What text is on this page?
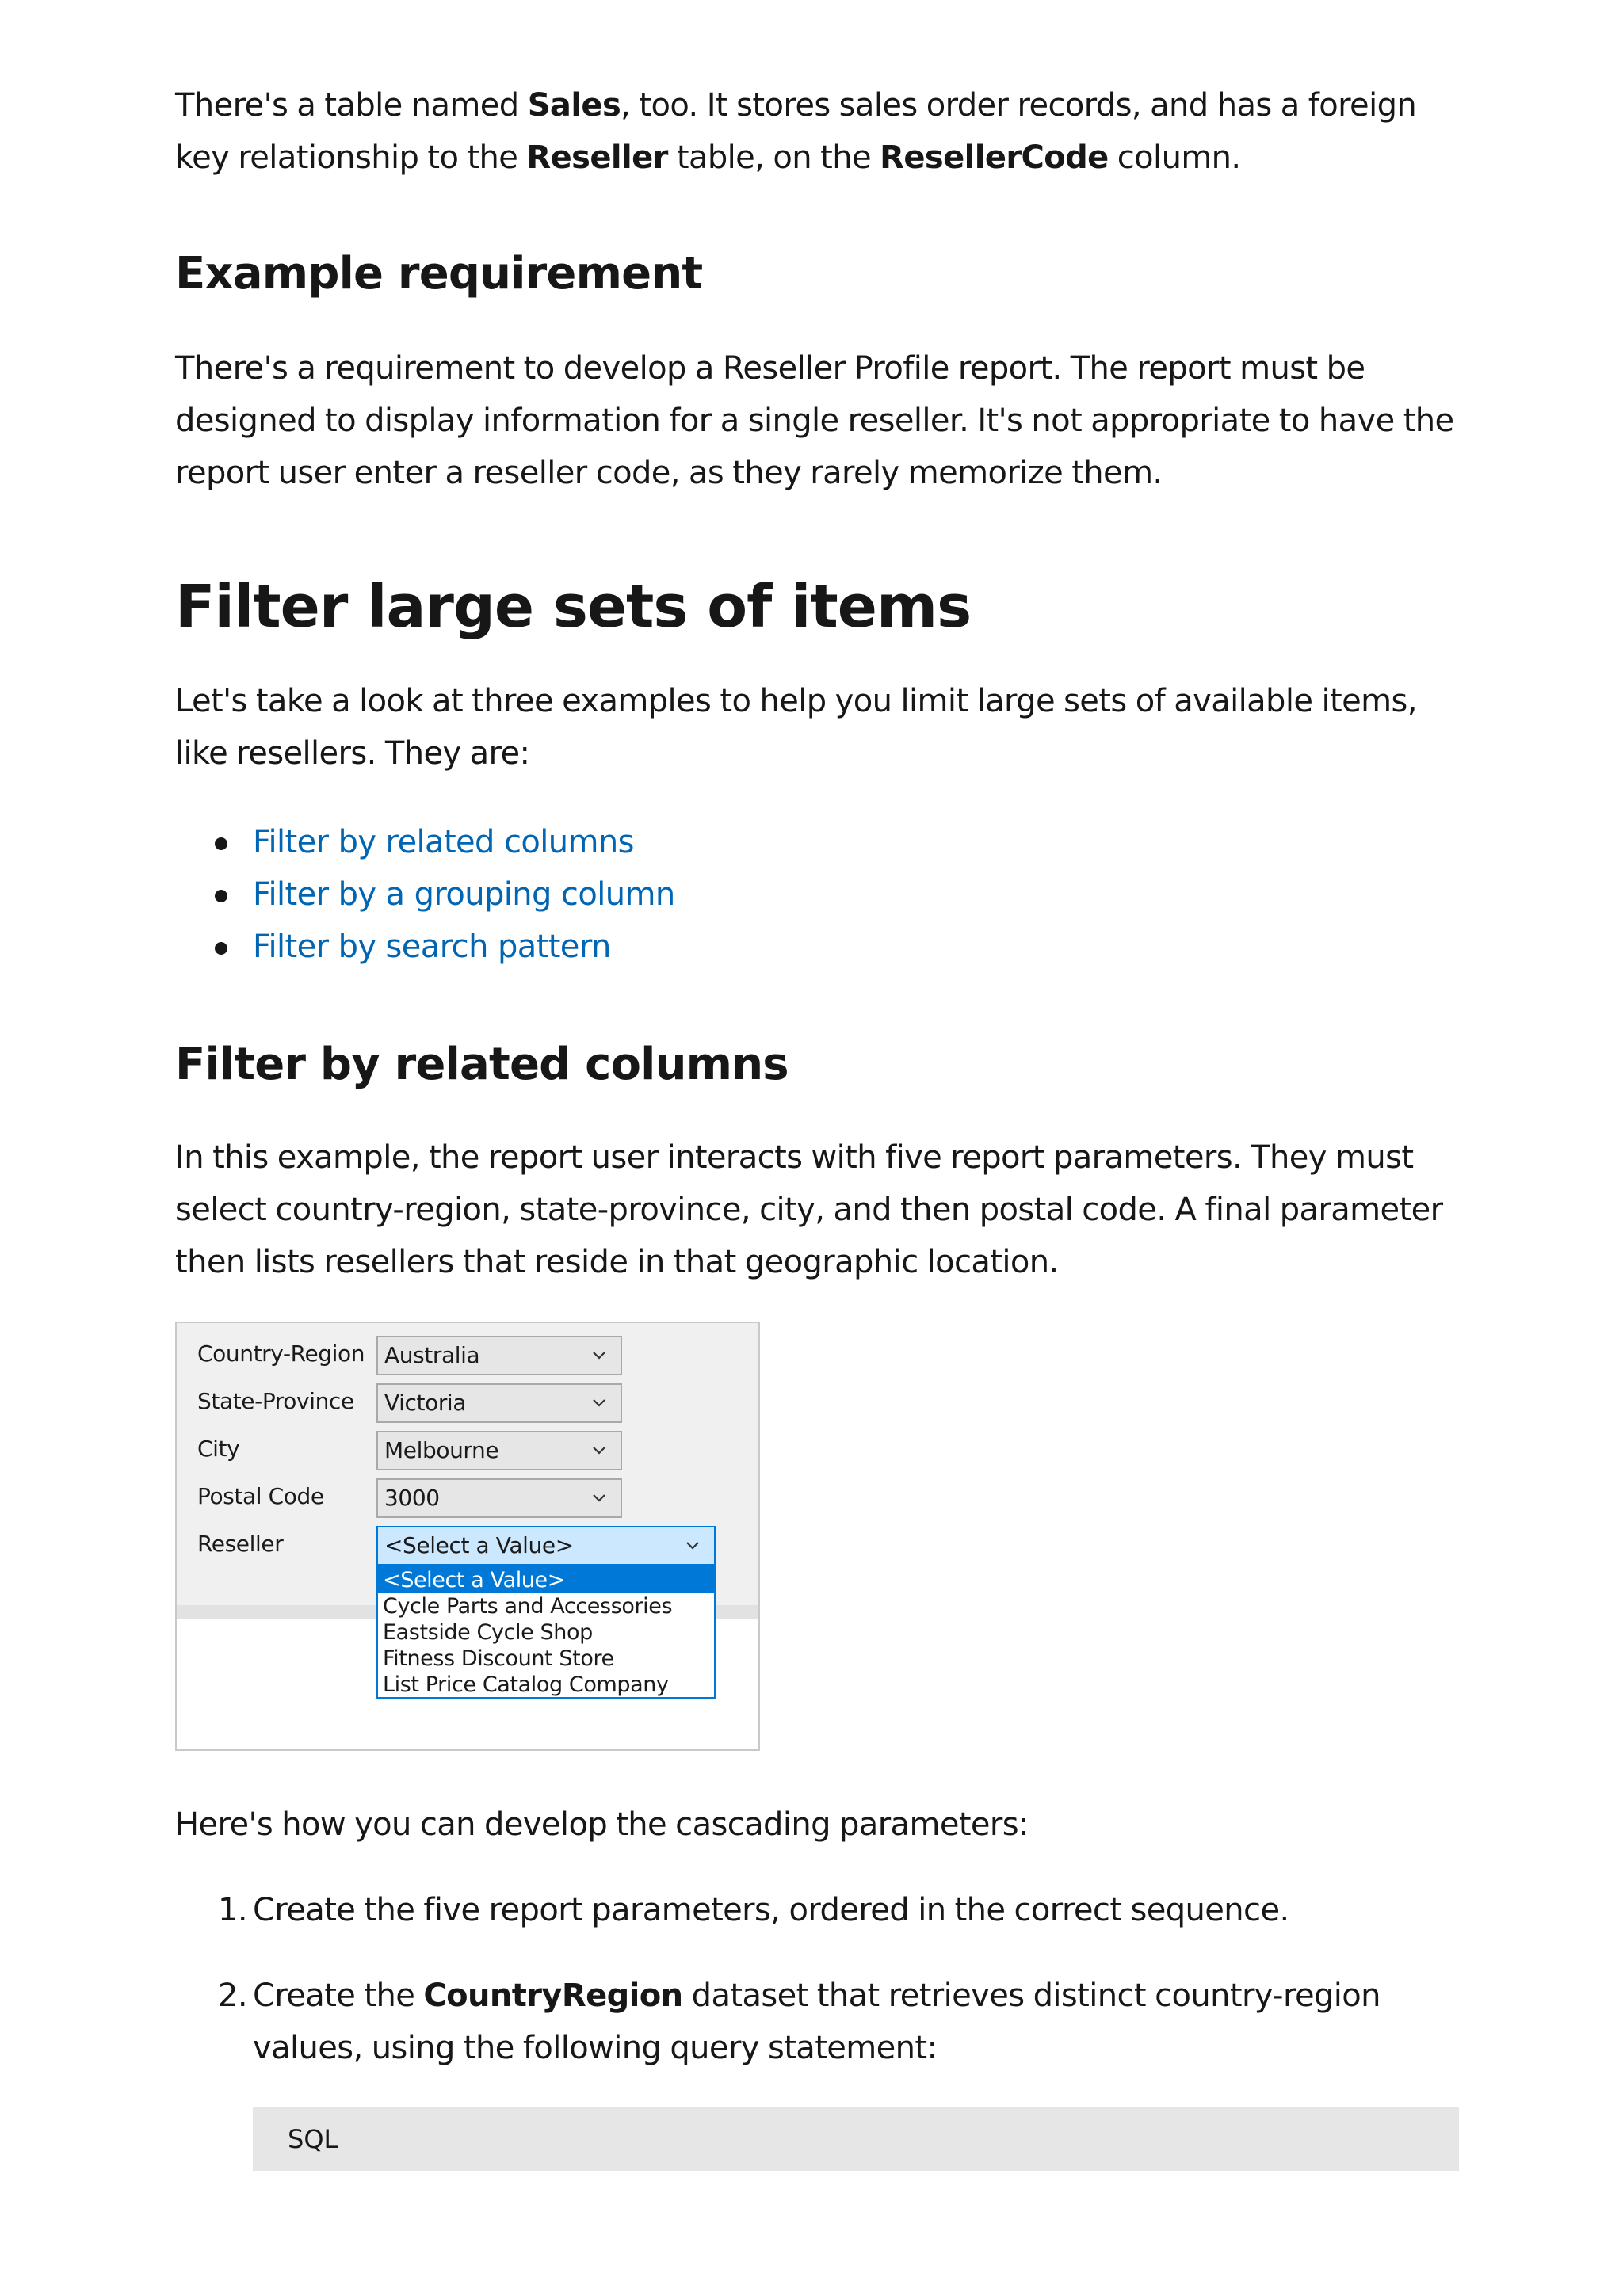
There's a table named Sales, too. It stores sales order records, and has a foreign key relationship to the Reseller table, on the ResellerCode column.

Example requirement

There's a requirement to develop a Reseller Profile report. The report must be designed to display information for a single reseller. It's not appropriate to have the report user enter a reseller code, as they rarely memorize them.

Filter large sets of items

Let's take a look at three examples to help you limit large sets of available items, like resellers. They are:

Filter by related columns
Filter by a grouping column
Filter by search pattern
Filter by related columns

In this example, the report user interacts with five report parameters. They must select country-region, state-province, city, and then postal code. A final parameter then lists resellers that reside in that geographic location.

Country-Region Australia
State-Province	Victoria
City	Melbourne
Postal Code	3000
Reseller	<Select a Value>
<Select a Value>
Cycle Parts and Accessories
Eastside Cycle Shop
Fitness Discount Store
List Price Catalog Company

Here's how you can develop the cascading parameters:

1. Create the five report parameters, ordered in the correct sequence.
2. Create the CountryRegion dataset that retrieves distinct country-region values, using the following query statement:
SQL
